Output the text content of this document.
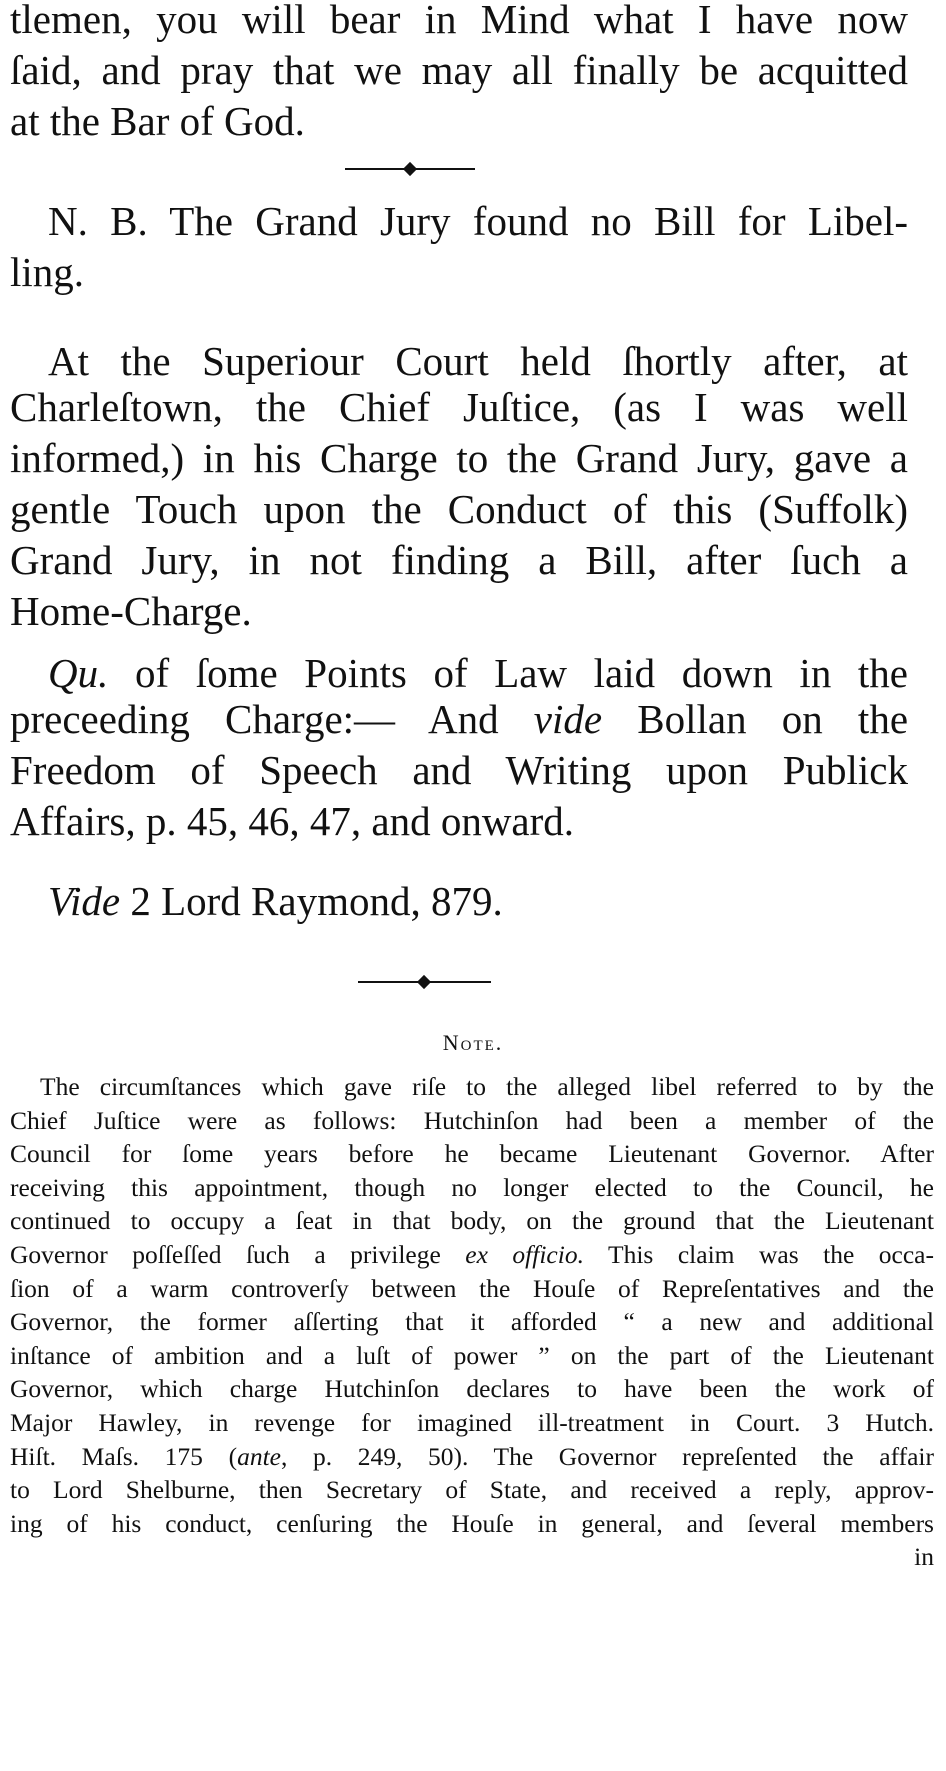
tlemen, you will bear in Mind what I have now
ſaid, and pray that we may all finally be acquitted
at the Bar of God.
N. B. The Grand Jury found no Bill for Libel-
ling.
At the Superiour Court held ſhortly after, at
Charleſtown, the Chief Juſtice, (as I was well
informed,) in his Charge to the Grand Jury, gave a
gentle Touch upon the Conduct of this (Suffolk)
Grand Jury, in not finding a Bill, after ſuch a
Home-Charge.
Qu. of ſome Points of Law laid down in the
preceeding Charge:— And vide Bollan on the
Freedom of Speech and Writing upon Publick
Affairs, p. 45, 46, 47, and onward.
Vide 2 Lord Raymond, 879.
Note.
The circumſtances which gave riſe to the alleged libel referred to by the
Chief Juſtice were as follows: Hutchinſon had been a member of the
Council for ſome years before he became Lieutenant Governor. After
receiving this appointment, though no longer elected to the Council, he
continued to occupy a ſeat in that body, on the ground that the Lieutenant
Governor poſſeſſed ſuch a privilege ex officio. This claim was the occa-
ſion of a warm controverſy between the Houſe of Repreſentatives and the
Governor, the former aſſerting that it afforded “ a new and additional
inſtance of ambition and a luſt of power ” on the part of the Lieutenant
Governor, which charge Hutchinſon declares to have been the work of
Major Hawley, in revenge for imagined ill-treatment in Court. 3 Hutch.
Hiſt. Maſs. 175 (ante, p. 249, 50). The Governor repreſented the affair
to Lord Shelburne, then Secretary of State, and received a reply, approv-
ing of his conduct, cenſuring the Houſe in general, and ſeveral members
in
